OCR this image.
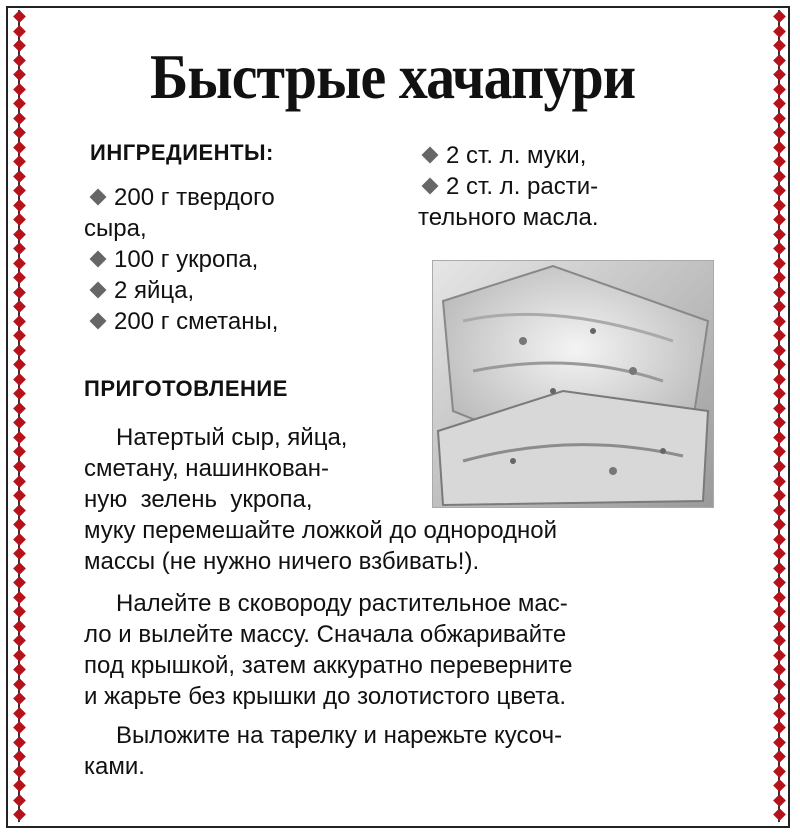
Быстрые хачапури
ИНГРЕДИЕНТЫ:
200 г твердого
сыра,
100 г укропа,
2 яйца,
200 г сметаны,
2 ст. л. муки,
2 ст. л. расти-
тельного масла.
ПРИГОТОВЛЕНИЕ
Натертый сыр, яйца,
сметану, нашинкован-
ную  зелень  укропа,
муку перемешайте ложкой до однородной
массы (не нужно ничего взбивать!).
Налейте в сковороду растительное мас-
ло и вылейте массу. Сначала обжаривайте
под крышкой, затем аккуратно переверните
и жарьте без крышки до золотистого цвета.
Выложите на тарелку и нарежьте кусоч-
ками.
